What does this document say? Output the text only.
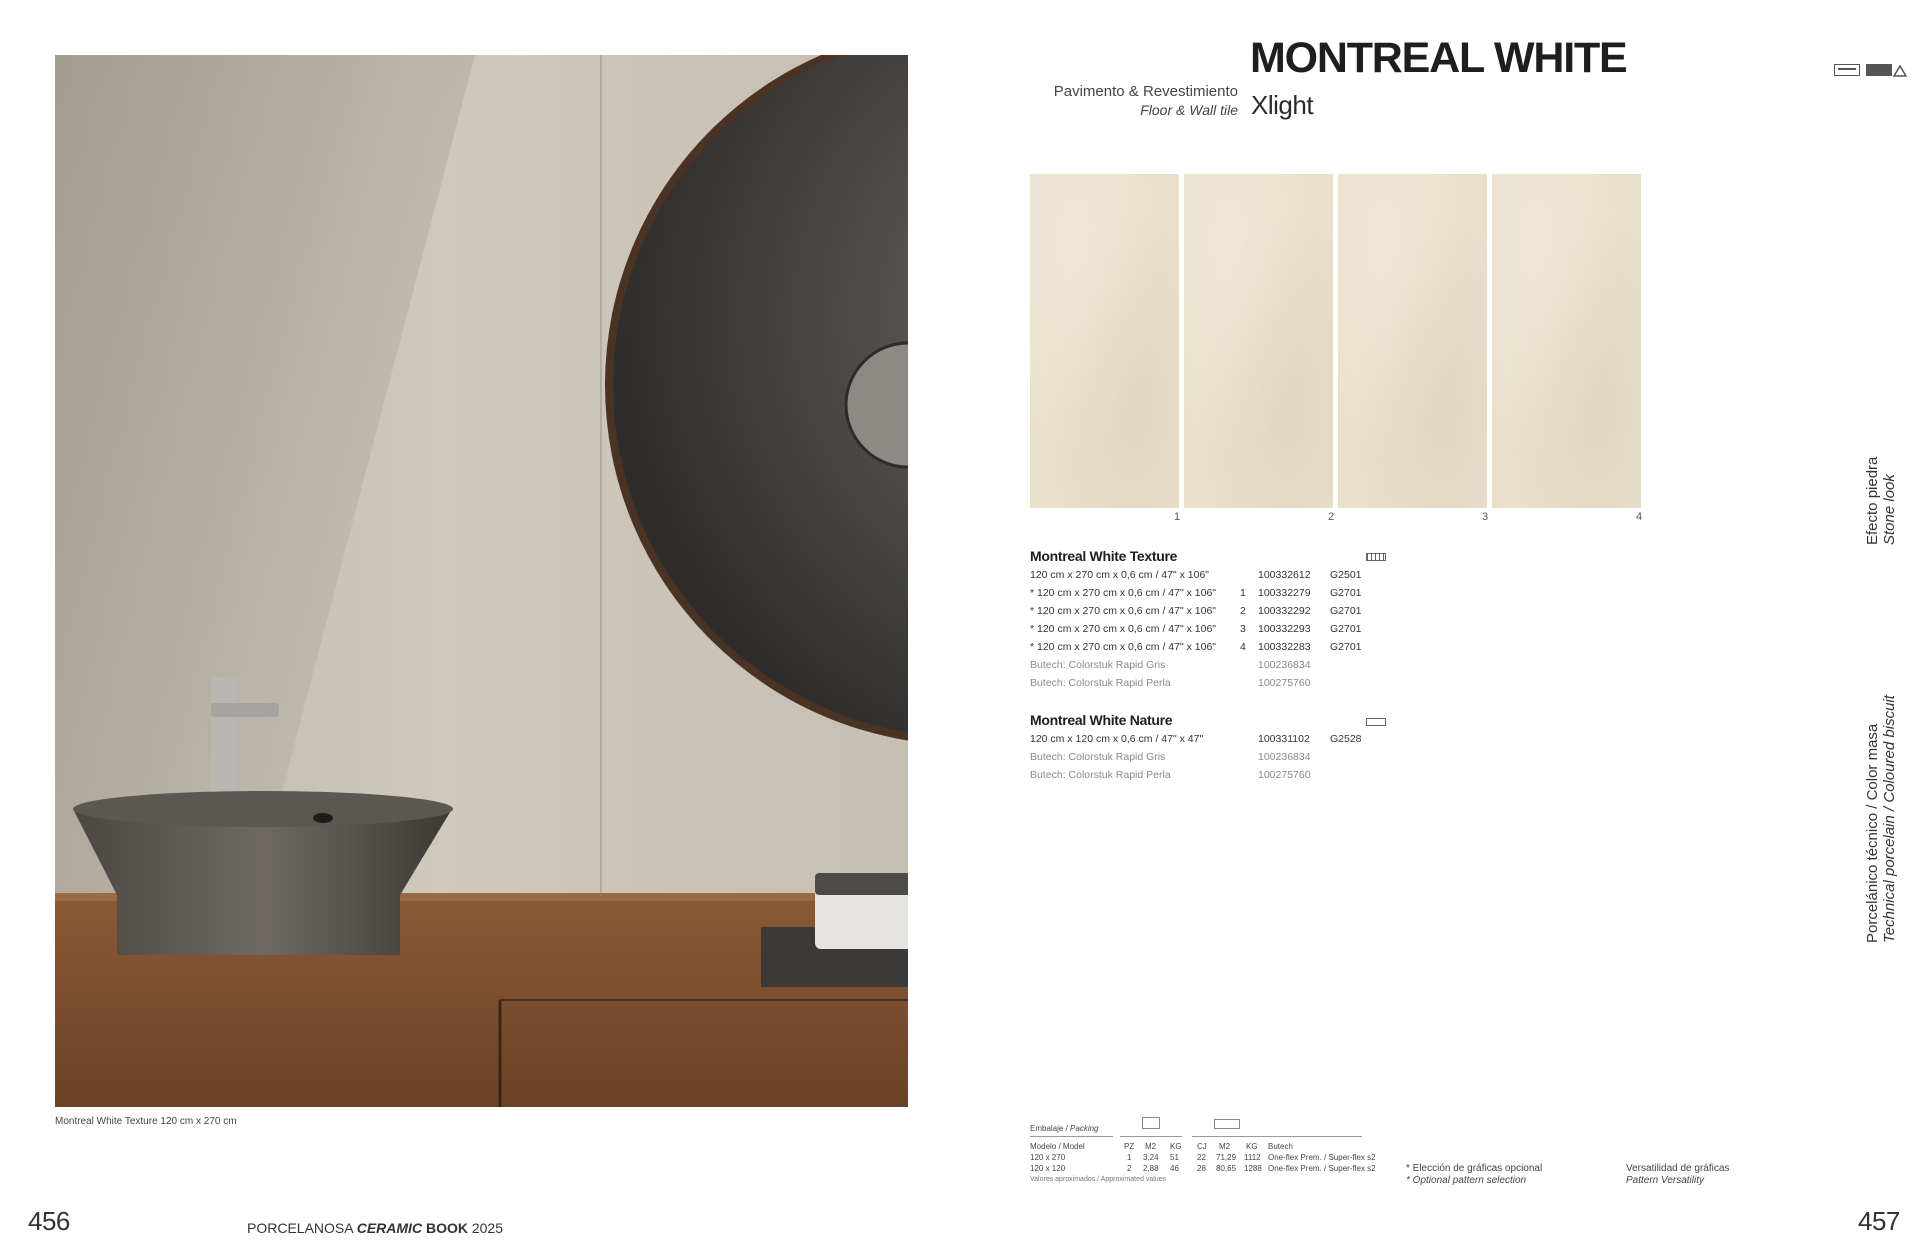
Montreal White Texture 120 cm x 270 cm
456	PORCELANOSA CERAMIC BOOK 2025	457
Pavimento & Revestimiento
Floor & Wall tile
MONTREAL WHITE
Xlight
1	2	3	4
Montreal White Texture
120 cm x 270 cm x 0,6 cm / 47" x 106"	100332612 G2501
* 120 cm x 270 cm x 0,6 cm / 47" x 106" 1 100332279 G2701
* 120 cm x 270 cm x 0,6 cm / 47" x 106" 2 100332292 G2701
* 120 cm x 270 cm x 0,6 cm / 47" x 106" 3 100332293 G2701
* 120 cm x 270 cm x 0,6 cm / 47" x 106" 4 100332283 G2701
Butech: Colorstuk Rapid Gris	100236834
Butech: Colorstuk Rapid Perla	100275760
Montreal White Nature
120 cm x 120 cm x 0,6 cm / 47" x 47"	100331102 G2528
Butech: Colorstuk Rapid Gris	100236834
Butech: Colorstuk Rapid Perla	100275760
Embalaje / Packing
Modelo / Model	PZ M2 KG CJ M2 KG Butech
120 x 270	1 3,24 51 22 71,29 1112 One-flex Prem. / Super-flex s2
120 x 120	2 2,88 46 28 80,65 1288 One-flex Prem. / Super-flex s2
Valores aproximados / Approximated values
* Elección de gráficas opcional
* Optional pattern selection
Versatilidad de gráficas
Pattern Versatility
Efecto piedra Stone look
Porcelánico técnico / Color masa Technical porcelain / Coloured biscuit
